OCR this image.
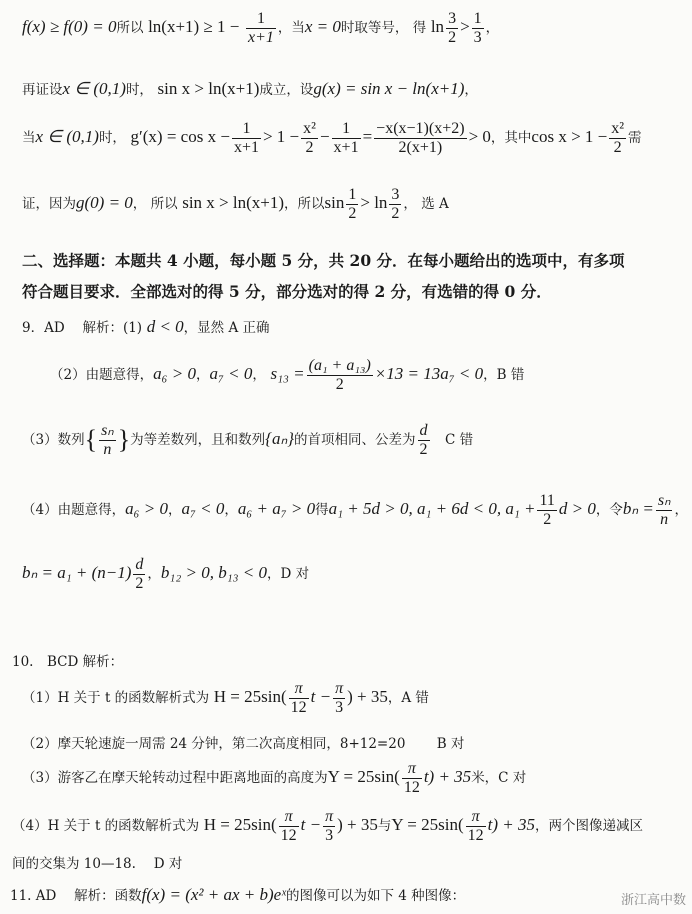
f(x) ≥ f(0) = 0所以 $\ln(x+1) \ge 1 - \frac{1}{x+1}$ ，当x = 0时取等号， 得 $\ln \frac{3}{2} > \frac{1}{3}$ ，
再证设x ∈ (0,1)时， sin x > ln(x+1)成立，设g(x) = sin x − ln(x+1)，
当x ∈ (0,1)时， $g'(x) = \cos x - \frac{1}{x+1} > 1 - \frac{\text{x²}}{2} - \frac{1}{x+1} = \frac{-x(x-1)(x+2)}{2(x+1)} > 0$，其中$\cos x > 1 - \frac{\text{x²}}{2}$ 需
证，因为g(0) = 0， 所以 sin x > ln(x+1)，所以$\sin \frac{1}{2} > \ln \frac{3}{2}$ ， 选 A
二、选择题：本题共 4 小题，每小题 5 分，共 20 分．在每小题给出的选项中，有多项
符合题目要求．全部选对的得 5 分，部分选对的得 2 分，有选错的得 0 分．
9．AD　 解析：(1) d < 0，显然 A 正确
（2）由题意得，a₆ > 0，a₇ < 0， $s_{13} = \frac{\text{(a₁ + a₁₃)}}{2} \times 13 = 13a_7 < 0$，B 错
（3）数列{ $\frac{\text{sₙ}}{n}$ }为等差数列，且和数列{aₙ}的首项相同、公差为 $\frac{d}{2}$ 　C 错
（4）由题意得，a₆ > 0，a₇ < 0，a₆ + a₇ > 0得a₁ + 5d > 0, a₁ + 6d < 0, $a_1 + \frac{11}{2}$ d > 0，令$b_n = \frac{\text{sₙ}}{n}$ ，
$b_n = a_1 + (n-1) \frac{d}{2}$ ，b₁₂ > 0, b₁₃ < 0，D 对
10.　BCD 解析：
（1）H 关于 t 的函数解析式为 $H = 25\sin( \frac{\pi}{12}$ $t - \frac{\pi}{3}$ ) + 35，A 错
（2）摩天轮速旋一周需 24 分钟，第二次高度相同，8+12=20　　 B 对
（3）游客乙在摩天轮转动过程中距离地面的高度为$Y = 25\sin( \frac{\pi}{12} t) + 35$米，C 对
（4）H 关于 t 的函数解析式为 $H = 25\sin( \frac{\pi}{12}$ $t - \frac{\pi}{3}$ ) + 35与$Y = 25\sin( \frac{\pi}{12} t) + 35$，两个图像递减区
间的交集为 10—18.　 D 对
11. AD　 解析：函数f(x) = (x² + ax + b)eˣ的图像可以为如下 4 种图像：	浙江高中数
